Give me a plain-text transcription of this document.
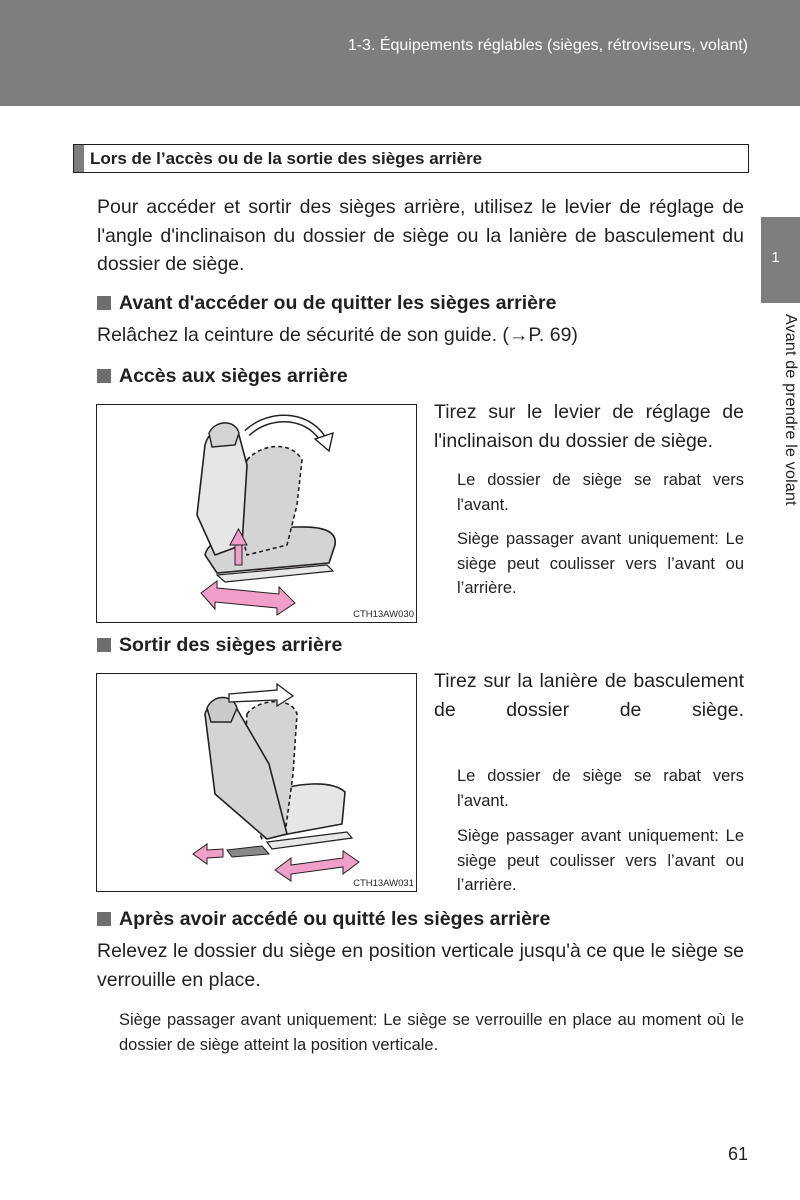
1-3. Équipements réglables (sièges, rétroviseurs, volant)
1
Avant de prendre le volant
Lors de l’accès ou de la sortie des sièges arrière
Pour accéder et sortir des sièges arrière, utilisez le levier de réglage de l'angle d'inclinaison du dossier de siège ou la lanière de basculement du dossier de siège.
Avant d'accéder ou de quitter les sièges arrière
Relâchez la ceinture de sécurité de son guide. (→P. 69)
Accès aux sièges arrière
CTH13AW030
Tirez sur le levier de réglage de l'inclinaison du dossier de siège.
Le dossier de siège se rabat vers l'avant.
Siège passager avant uniquement: Le siège peut coulisser vers l’avant ou l’arrière.
Sortir des sièges arrière
CTH13AW031
Tirez sur la lanière de basculement de dossier de siège.
Le dossier de siège se rabat vers l'avant.
Siège passager avant uniquement: Le siège peut coulisser vers l’avant ou l’arrière.
Après avoir accédé ou quitté les sièges arrière
Relevez le dossier du siège en position verticale jusqu'à ce que le siège se verrouille en place.
Siège passager avant uniquement: Le siège se verrouille en place au moment où le dossier de siège atteint la position verticale.
61
